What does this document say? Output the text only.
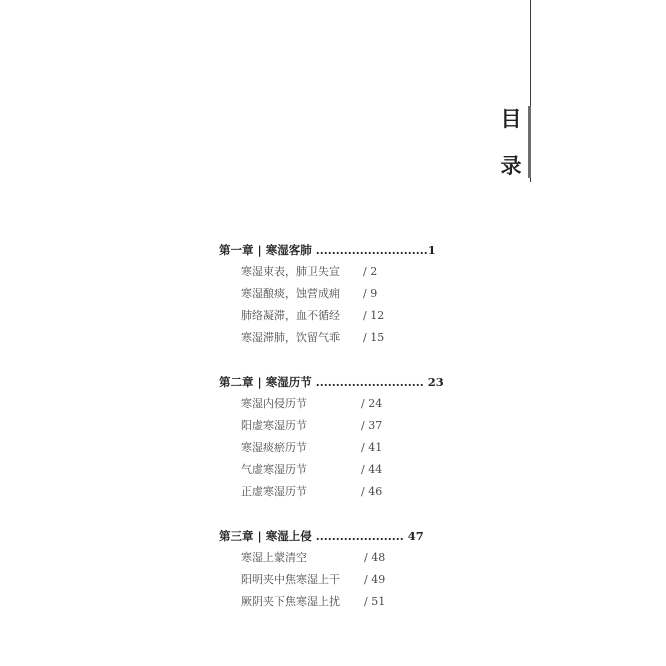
目
录
第一章 | 寒湿客肺 ............................1
寒湿束表，肺卫失宣 / 2
寒湿酿痰，蚀营成痈 / 9
肺络凝滞，血不循经 / 12
寒湿滞肺，饮留气乖 / 15
第二章 | 寒湿历节 ........................... 23
寒湿内侵历节	/ 24
阳虚寒湿历节	/ 37
寒湿痰瘀历节	/ 41
气虚寒湿历节	/ 44
正虚寒湿历节	/ 46
第三章 | 寒湿上侵 ...................... 47
寒湿上蒙清空	/ 48
阳明夹中焦寒湿上干 / 49
厥阴夹下焦寒湿上扰 / 51
